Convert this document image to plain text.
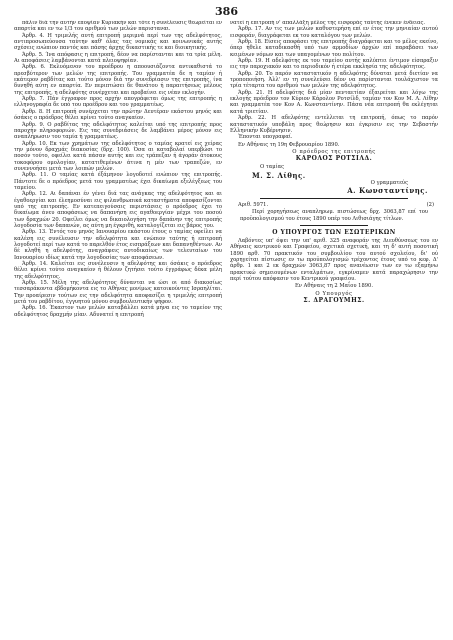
386

πάλιν διά την αυτήν εποψίαν Κυριακήν και τότε η συνέλευσις θεωρείται εν απαρτία και εν τω 1/3 του αριθμού των μελών παρισταναι.

Άρθρ. 4. Η τριμελής αυτή επιτροπή μεριμνά περί των της αδελφότητος, αντιπροσωπεύουσα ταύτην καθ' όλας τας νομικάς και κοινωνικάς αυτής σχέσεις ενώπιον παντός και πάσης άρχης δικαστικής τε και διοικητικής.

Άρθρ. 5. Ίνα απόφασις η επιτροπή, δέον να παρίστανται και τα τρία μέλη. Αι αποφάσεις λαμβάνονται κατά πλειοψηφίαν.

Άρθρ. 6. Εκλυόμενον του προέδρου η αποουσιάζοντα αντικαθιστά το πρεσβύτερον των μελών της επιτροπής. Του γραμματέα δε η ταμίαν ή εκάτερον ραβδίτας και τούτο μόνον διά την συνεδρίασιν της επιτροπής, ίνα δυνηθή αύτη εν απαρτία. Εν περιπτώσει δε θανάτου ή παραιτήσεως μέλους της επιτροπής, η αδελφότης συνέρχεται και προβαίνει εις νέαν εκλογήν.

Άρθρ. 7. Πάν έγγραφον προς αρχήν απογράφεται όμως της επιτροπής η ελληνογραφία δε υπό του προέδρου και του γραμματέως.

Άρθρ. 8. Η επιτροπή συνέρχεται την πρώτην Δευτέραν εκάστου μηνός και όσάκις ο πρόεδρος θέλει κρίνει τούτο αναγκαίον.

Άρθρ. 9. Ο ραβδίτας της αδελφότητος καλείται υπό της επιτροπής προς παροχήν πληροφοριών. Εις τας συνεδριάσεις δε λαμβάνει μέρος μόνον εις αναπλήρωσιν του ταμία ή γραμματέως.

Άρθρ. 10. Εκ των χρημάτων της αδελφότητος ο ταμίας κρατεί εις χείρας την μόνον δραχμάς διακοσίας (δρχ. 100). Όσα αι καταβολαί υπερβώσι το ποσόν τούτο, οφείλει κατά πάσαν αυτής και εις τράπεζαν ή άγοράν άτοκους τοκοφόρου ομολογίαν, κατατιθεμένων άτινα η μέν των τραπεζών, εν συνεννοήσει μετά των λοιπών μελών.

Άρθρ. 11. Ο ταμίας κατά έξάμηνον λογοδοτεί ενώπιον της επιτροπής. Πάντοτε δε ο πρόεδρος μετά του γραμματέως έχει δικαίωμα εξελέγξεως του ταμείου.

Άρθρ. 12. Αι δαπάναι έν γένει διά τας ανάγκας της αδελφότητος και αι έγαθοεργίαι και έλεημοσύναι εις φιλανθρωπικά καταστήματα αποφασίζονται υπό της επιτροπής. Εν κατεπειγούσαις περιστάσεις ο πρόεδρος έχει το δικαίωμα άνευ αποφάσεως να δαπανήση εις αγαθοεργίαν μέχρι του ποσού των δραχμών 20. Οφείλει όμως να δικαιολογήση την δαπάνην της επιτροπής λογοδοσία των δαπανών, ας αύτη μη έγκριθή, καταλογίζεται εις βάρος του.

Άρθρ. 13. Έντός του μηνός Ιανουαρίου εκάστου έτους ο ταμίας οφείλει να καλέση εις συνέλευσιν την αδελφότητα και ενώπιον ταύτης ή επιτροπή λογοδοτεί περί των κατά το παρελθόν έτος εισπράξεων και δαπανηθέντων. Αν δέ κληθή η αδελφότης, αναγράφεις αυτοδικαίως των τελευταίων του Ιανουαρίου ιδίως κατά την λογοδοσίας των αποφάσεων.

Άρθρ. 14. Καλείται εις συνέλευσιν η αδελφότης και όσάκις ο πρόεδρος θέλει κρίνει τούτο αναγκαίον ή θέλουν ζητήσει τούτο έγγράφως δέκα μέλη της αδελφότητος.

Άρθρ. 15. Μέλη της αδελφότητος δύνανται να ώσι οι από διακοσίως τεσσαράκοντα εβδομήκοντα εις το Αθήνας μονίμως κατοικούντες Ισραηλίται. Την προαίρεσιν τούτων εις την αδελφότητα αποφασίζει η τριμελής επιτροπή μετά του ραβδίτου, έγγυητού μόνου συμβουλευτικήν ψήφον.

Άρθρ. 16. Έκαστον των μελών καταβάλλει κατά μήνα εις το ταμείον της αδελφότητος δραχμήν μίαν. Αδυνατεί η επιτροπή

νατεί η επιτροπή ν' απαλλάξη μέλος της εισφοράς ταύτης ένεκεν ένδειας.

Άρθρ. 17. Αν τις των μελών καθυστερήση επί εν έτος την μηνιαίαν αυτού εισφοράν, διαγράφεται εκ του καταλόγου των μελών.

Άρθρ. 18. Είσεις αποφάσει της επιτροπής διαγράφεται και το μέλος εκείνο, όπερ ήθελε καταδικασθή υπό των αρμοδίων άρχών επί παραβάσει των κειμένων νόμων και των υπαγομένων του πολίτου.

Άρθρ. 19. Η αδελφότης εκ του ταμείου αυτής καλύπτει έντιμον είσπραξιν εις την παροχιακόν και το περιοδικόν ή ετέρα εκκλησία της αδελφότητος.

Άρθρ. 20. Το παρόν καταστατικόν η αδελφότης δύναται μετά διετίαν να τροποποιήση. Άλλ' εν τη συνελεύσει δέον να παρίστανται τουλάχιστον τα τρία τέταρτα του αριθμού των μελών της αδελφότητος.

Άρθρ. 21. Η αδελφότης διά μίαν πενταετίαν έξαιρείται και λόγω της εκλογής πρόεδρον τον Κύριον Κάρολον Ροτσίλδ, ταμίαν τον Κον Μ. Λ. Λίθην και γραμματέα τον Κον Α. Κωνσταντίνην. Πάσα νέα επιτροπή θα εκλέγηται κατά τριετίαν.

Άρθρ. 22. Η αδελφότης εντελλεται τη επιτροπή, όπως το παρόν καταστατικόν υποβάλη προς θεώρησιν και έγκρισιν εις την Σεβαστήν Ελληνικήν Κυβέρνησιν.

Έπονται υπογραφαί.

Εν Αθήναις τη 19η Φεβρουαρίου 1890.

Ο πρόεδρος της επιτροπής

ΚΑΡΟΛΟΣ ΡΟΤΣΙΛΔ.

Ο ταμίας

Μ. Σ. Λίθης.

Ο γραμματεύς

Α. Κωνσταντίνης.

Αριθ. 5971.	(2)

Περί χορηγήσεως αναπληρωμ. πιστώσεως δρχ. 3063,87 επί του προϋπολογισμού του έτους 1890 υπέρ του Λιθισιάγης τίτλων.

Ο ΥΠΟΥΡΓΟΣ ΤΩΝ ΕΣΩΤΕΡΙΚΩΝ

Λαβόντες υπ' όψει την υπ' αριθ. 325 αναφοράν της Διευθύνσεως του εν Αθήναις κεντρικού και Γραφείου, σχετικά σχετική, και τη δ' αυτή ποσοτική 1890 αρθ. 70 πρακτικόν του συμβουλίου του αυτού σχολείου, δι' ού χορηγείται πίστωσις εν τω προϋπολογισμώ τρέχοντος έτους υπό το κεφ. Δ' άρθρ. 1 και 2 εκ δραχμών 3063,87 προς ανανέωσιν των εν τω εξαμήνω πρακτικώ σημειουμένων ενταλμάτων, εγκρίναμεν κατά παραχώρησιν την περί τούτου απόφασιν του Κεντρικού γραφείου.

Εν Αθήναις τη 2 Μαΐου 1890.

Ο Υπουργός

Σ. ΔΡΑΓΟΥΜΗΣ.
